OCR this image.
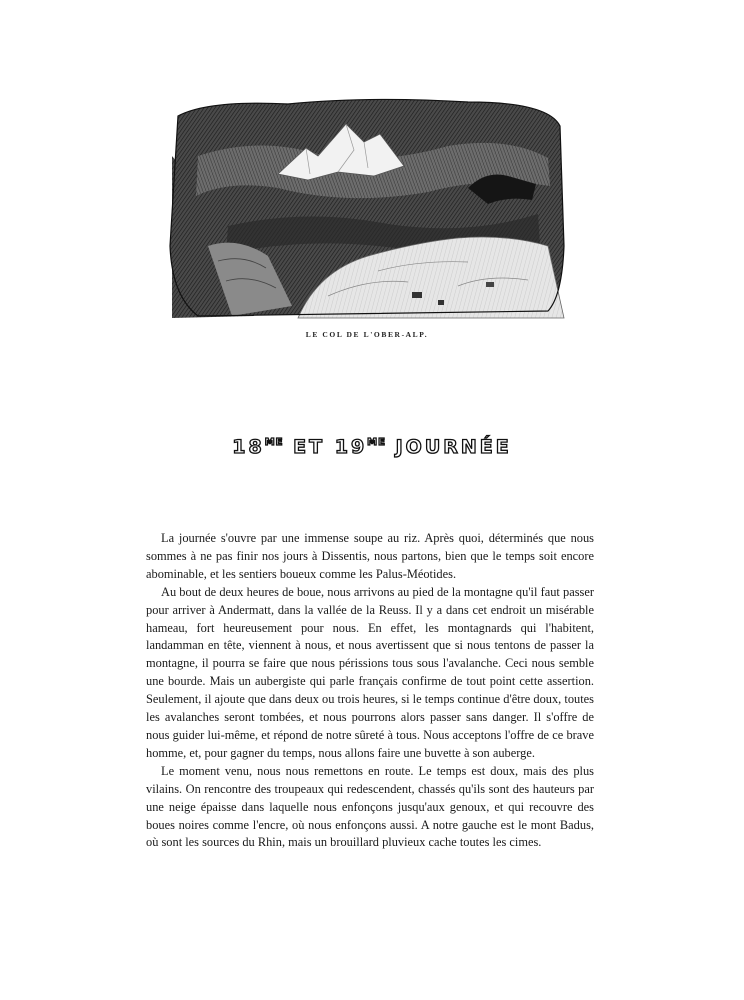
LE COL DE L'OBER-ALP.
$18^{ME}$ ET $19^{ME}$ JOURNÉE

La journée s'ouvre par une immense soupe au riz. Après quoi, déterminés que nous sommes à ne pas finir nos jours à Dissentis, nous partons, bien que le temps soit encore abominable, et les sentiers boueux comme les Palus-Méotides.

Au bout de deux heures de boue, nous arrivons au pied de la montagne qu'il faut passer pour arriver à Andermatt, dans la vallée de la Reuss. Il y a dans cet endroit un misérable hameau, fort heureusement pour nous. En effet, les montagnards qui l'habitent, landamman en tête, viennent à nous, et nous avertissent que si nous tentons de passer la montagne, il pourra se faire que nous périssions tous sous l'avalanche. Ceci nous semble une bourde. Mais un aubergiste qui parle français confirme de tout point cette assertion. Seulement, il ajoute que dans deux ou trois heures, si le temps continue d'être doux, toutes les avalanches seront tombées, et nous pourrons alors passer sans danger. Il s'offre de nous guider lui-même, et répond de notre sûreté à tous. Nous acceptons l'offre de ce brave homme, et, pour gagner du temps, nous allons faire une buvette à son auberge.

Le moment venu, nous nous remettons en route. Le temps est doux, mais des plus vilains. On rencontre des troupeaux qui redescendent, chassés qu'ils sont des hauteurs par une neige épaisse dans laquelle nous enfonçons jusqu'aux genoux, et qui recouvre des boues noires comme l'encre, où nous enfonçons aussi. A notre gauche est le mont Badus, où sont les sources du Rhin, mais un brouillard pluvieux cache toutes les cimes.
